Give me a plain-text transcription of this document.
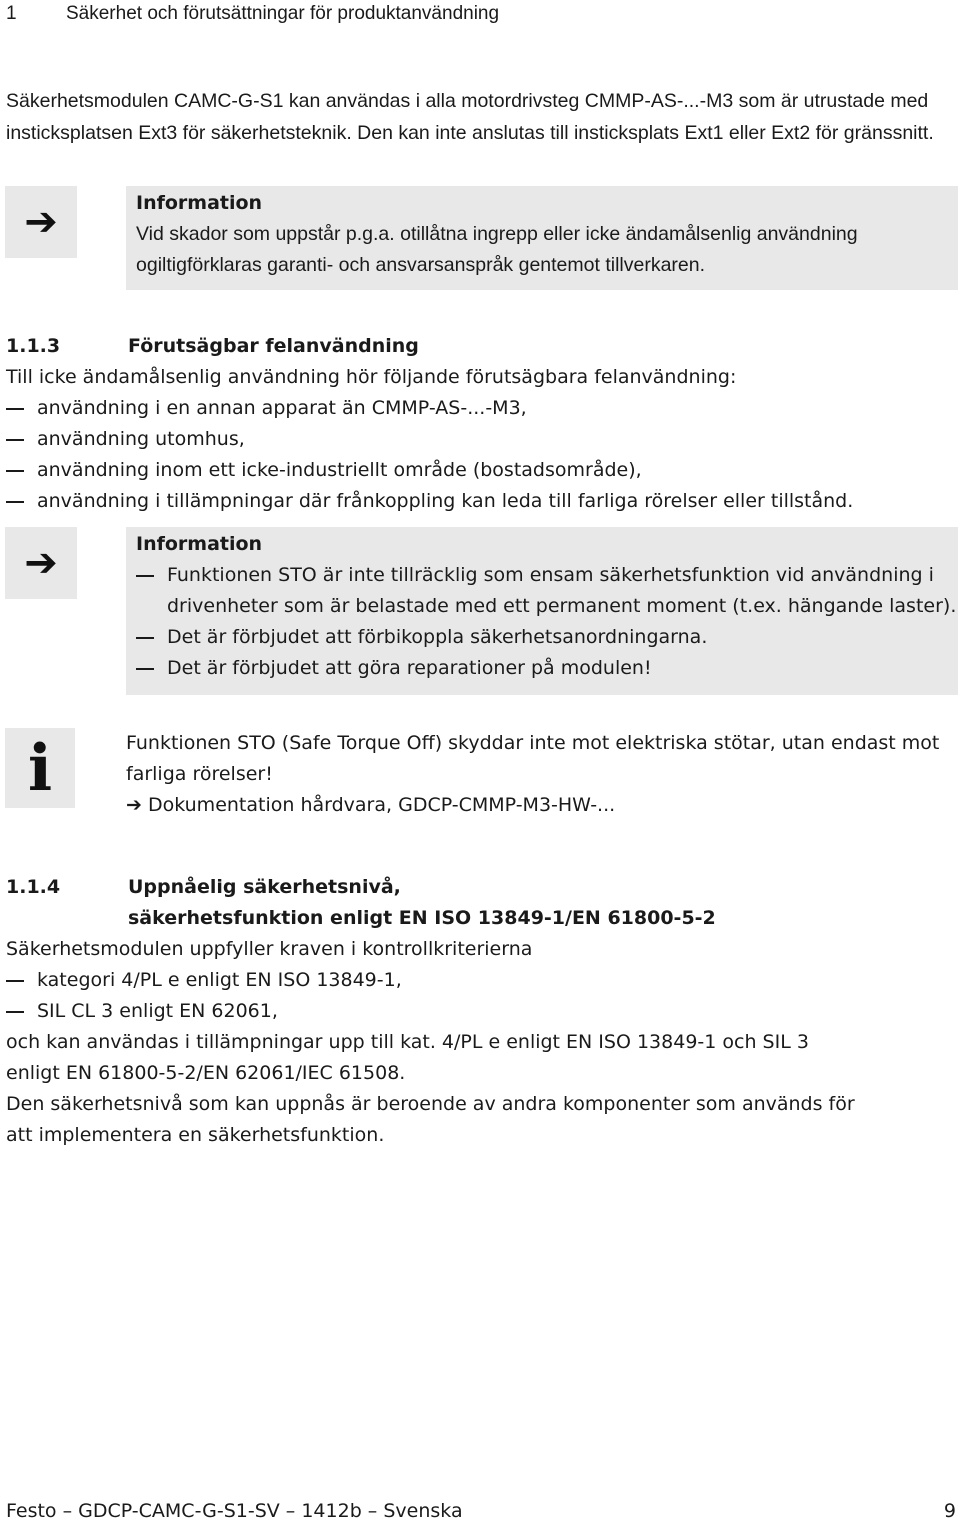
1	Säkerhet och förutsättningar för produktanvändning
Säkerhetsmodulen CAMC-G-S1 kan användas i alla motordrivsteg CMMP-AS-...-M3 som är utrustade med insticksplatsen Ext3 för säkerhetsteknik. Den kan inte anslutas till insticksplats Ext1 eller Ext2 för gränssnitt.
➔	Information
Vid skador som uppstår p.g.a. otillåtna ingrepp eller icke ändamålsenlig användning ogiltigförklaras garanti- och ansvarsanspråk gentemot tillverkaren.
1.1.3	Förutsägbar felanvändning
Till icke ändamålsenlig användning hör följande förutsägbara felanvändning:
användning i en annan apparat än CMMP-AS-...-M3,
användning utomhus,
användning inom ett icke-industriellt område (bostadsområde),
användning i tillämpningar där frånkoppling kan leda till farliga rörelser eller tillstånd.
➔	Information
Funktionen STO är inte tillräcklig som ensam säkerhetsfunktion vid användning i drivenheter som är belastade med ett permanent moment (t.ex. hängande laster).
Det är förbjudet att förbikoppla säkerhetsanordningarna.
Det är förbjudet att göra reparationer på modulen!
i	Funktionen STO (Safe Torque Off) skyddar inte mot elektriska stötar, utan endast mot farliga rörelser!
➔ Dokumentation hårdvara, GDCP-CMMP-M3-HW-...
1.1.4	Uppnåelig säkerhetsnivå,
säkerhetsfunktion enligt EN ISO 13849-1/EN 61800-5-2
Säkerhetsmodulen uppfyller kraven i kontrollkriterierna
kategori 4/PL e enligt EN ISO 13849-1,
SIL CL 3 enligt EN 62061,
och kan användas i tillämpningar upp till kat. 4/PL e enligt EN ISO 13849-1 och SIL 3 enligt EN 61800-5-2/EN 62061/IEC 61508.
Den säkerhetsnivå som kan uppnås är beroende av andra komponenter som används för att implementera en säkerhetsfunktion.
Festo – GDCP-CAMC-G-S1-SV – 1412b – Svenska	9
